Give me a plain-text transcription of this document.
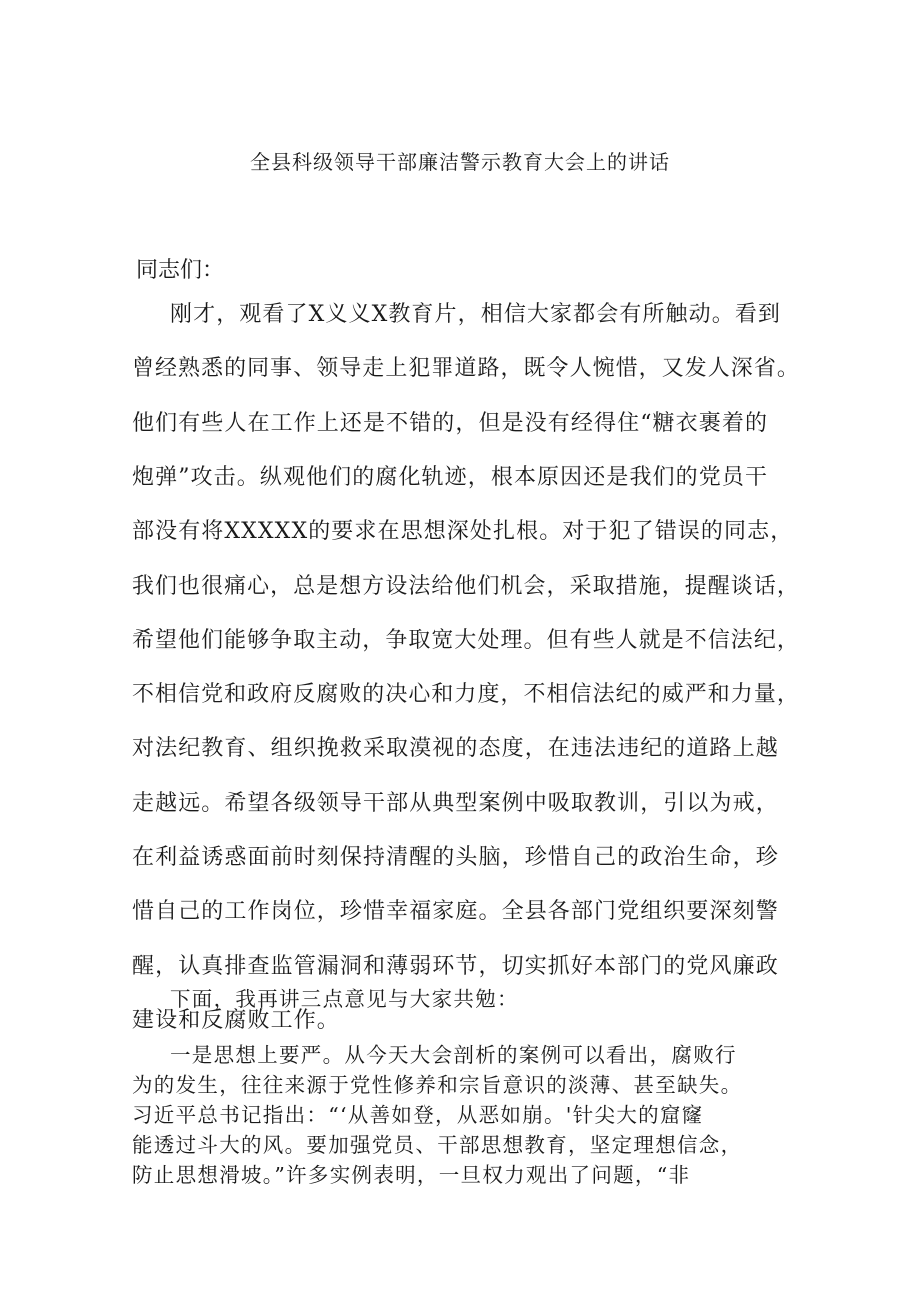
全县科级领导干部廉洁警示教育大会上的讲话
同志们：
刚才，观看了X义义X教育片，相信大家都会有所触动。看到
曾经熟悉的同事、领导走上犯罪道路，既令人惋惜，又发人深省。
他们有些人在工作上还是不错的，但是没有经得住“糖衣裹着的
炮弹”攻击。纵观他们的腐化轨迹，根本原因还是我们的党员干
部没有将XXXXX的要求在思想深处扎根。对于犯了错误的同志，
我们也很痛心，总是想方设法给他们机会，采取措施，提醒谈话，
希望他们能够争取主动，争取宽大处理。但有些人就是不信法纪，
不相信党和政府反腐败的决心和力度，不相信法纪的威严和力量，
对法纪教育、组织挽救采取漠视的态度，在违法违纪的道路上越
走越远。希望各级领导干部从典型案例中吸取教训，引以为戒，
在利益诱惑面前时刻保持清醒的头脑，珍惜自己的政治生命，珍
惜自己的工作岗位，珍惜幸福家庭。全县各部门党组织要深刻警
醒，认真排查监管漏洞和薄弱环节，切实抓好本部门的党风廉政
建设和反腐败工作。
下面，我再讲三点意见与大家共勉：
一是思想上要严。从今天大会剖析的案例可以看出，腐败行
为的发生，往往来源于党性修养和宗旨意识的淡薄、甚至缺失。
习近平总书记指出：“‘从善如登，从恶如崩。'针尖大的窟窿
能透过斗大的风。要加强党员、干部思想教育，坚定理想信念，
防止思想滑坡。”许多实例表明，一旦权力观出了问题，“非
